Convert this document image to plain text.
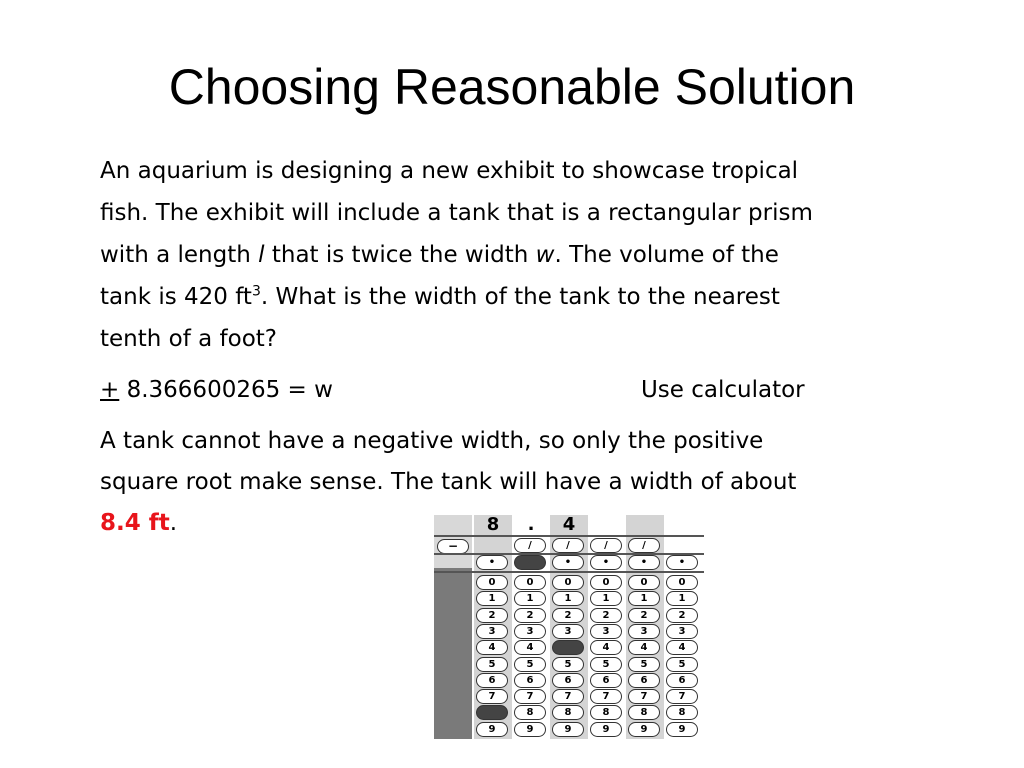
Choosing Reasonable Solution

An aquarium is designing a new exhibit to showcase tropical
fish. The exhibit will include a tank that is a rectangular prism
with a length l that is twice the width w. The volume of the
tank is 420 $ft^3$. What is the width of the tank to the nearest
tenth of a foot?

+ 8.366600265 = w	Use calculator

A tank cannot have a negative width, so only the positive
square root make sense. The tank will have a width of about
8.4 ft.

−
8
•
0
1
2
3
4
5
6
7
8
9
.
/
•
0
1
2
3
4
5
6
7
8
9
4
/
•
0
1
2
3
4
5
6
7
8
9
/
•
0
1
2
3
4
5
6
7
8
9
/
•
0
1
2
3
4
5
6
7
8
9
•
0
1
2
3
4
5
6
7
8
9
